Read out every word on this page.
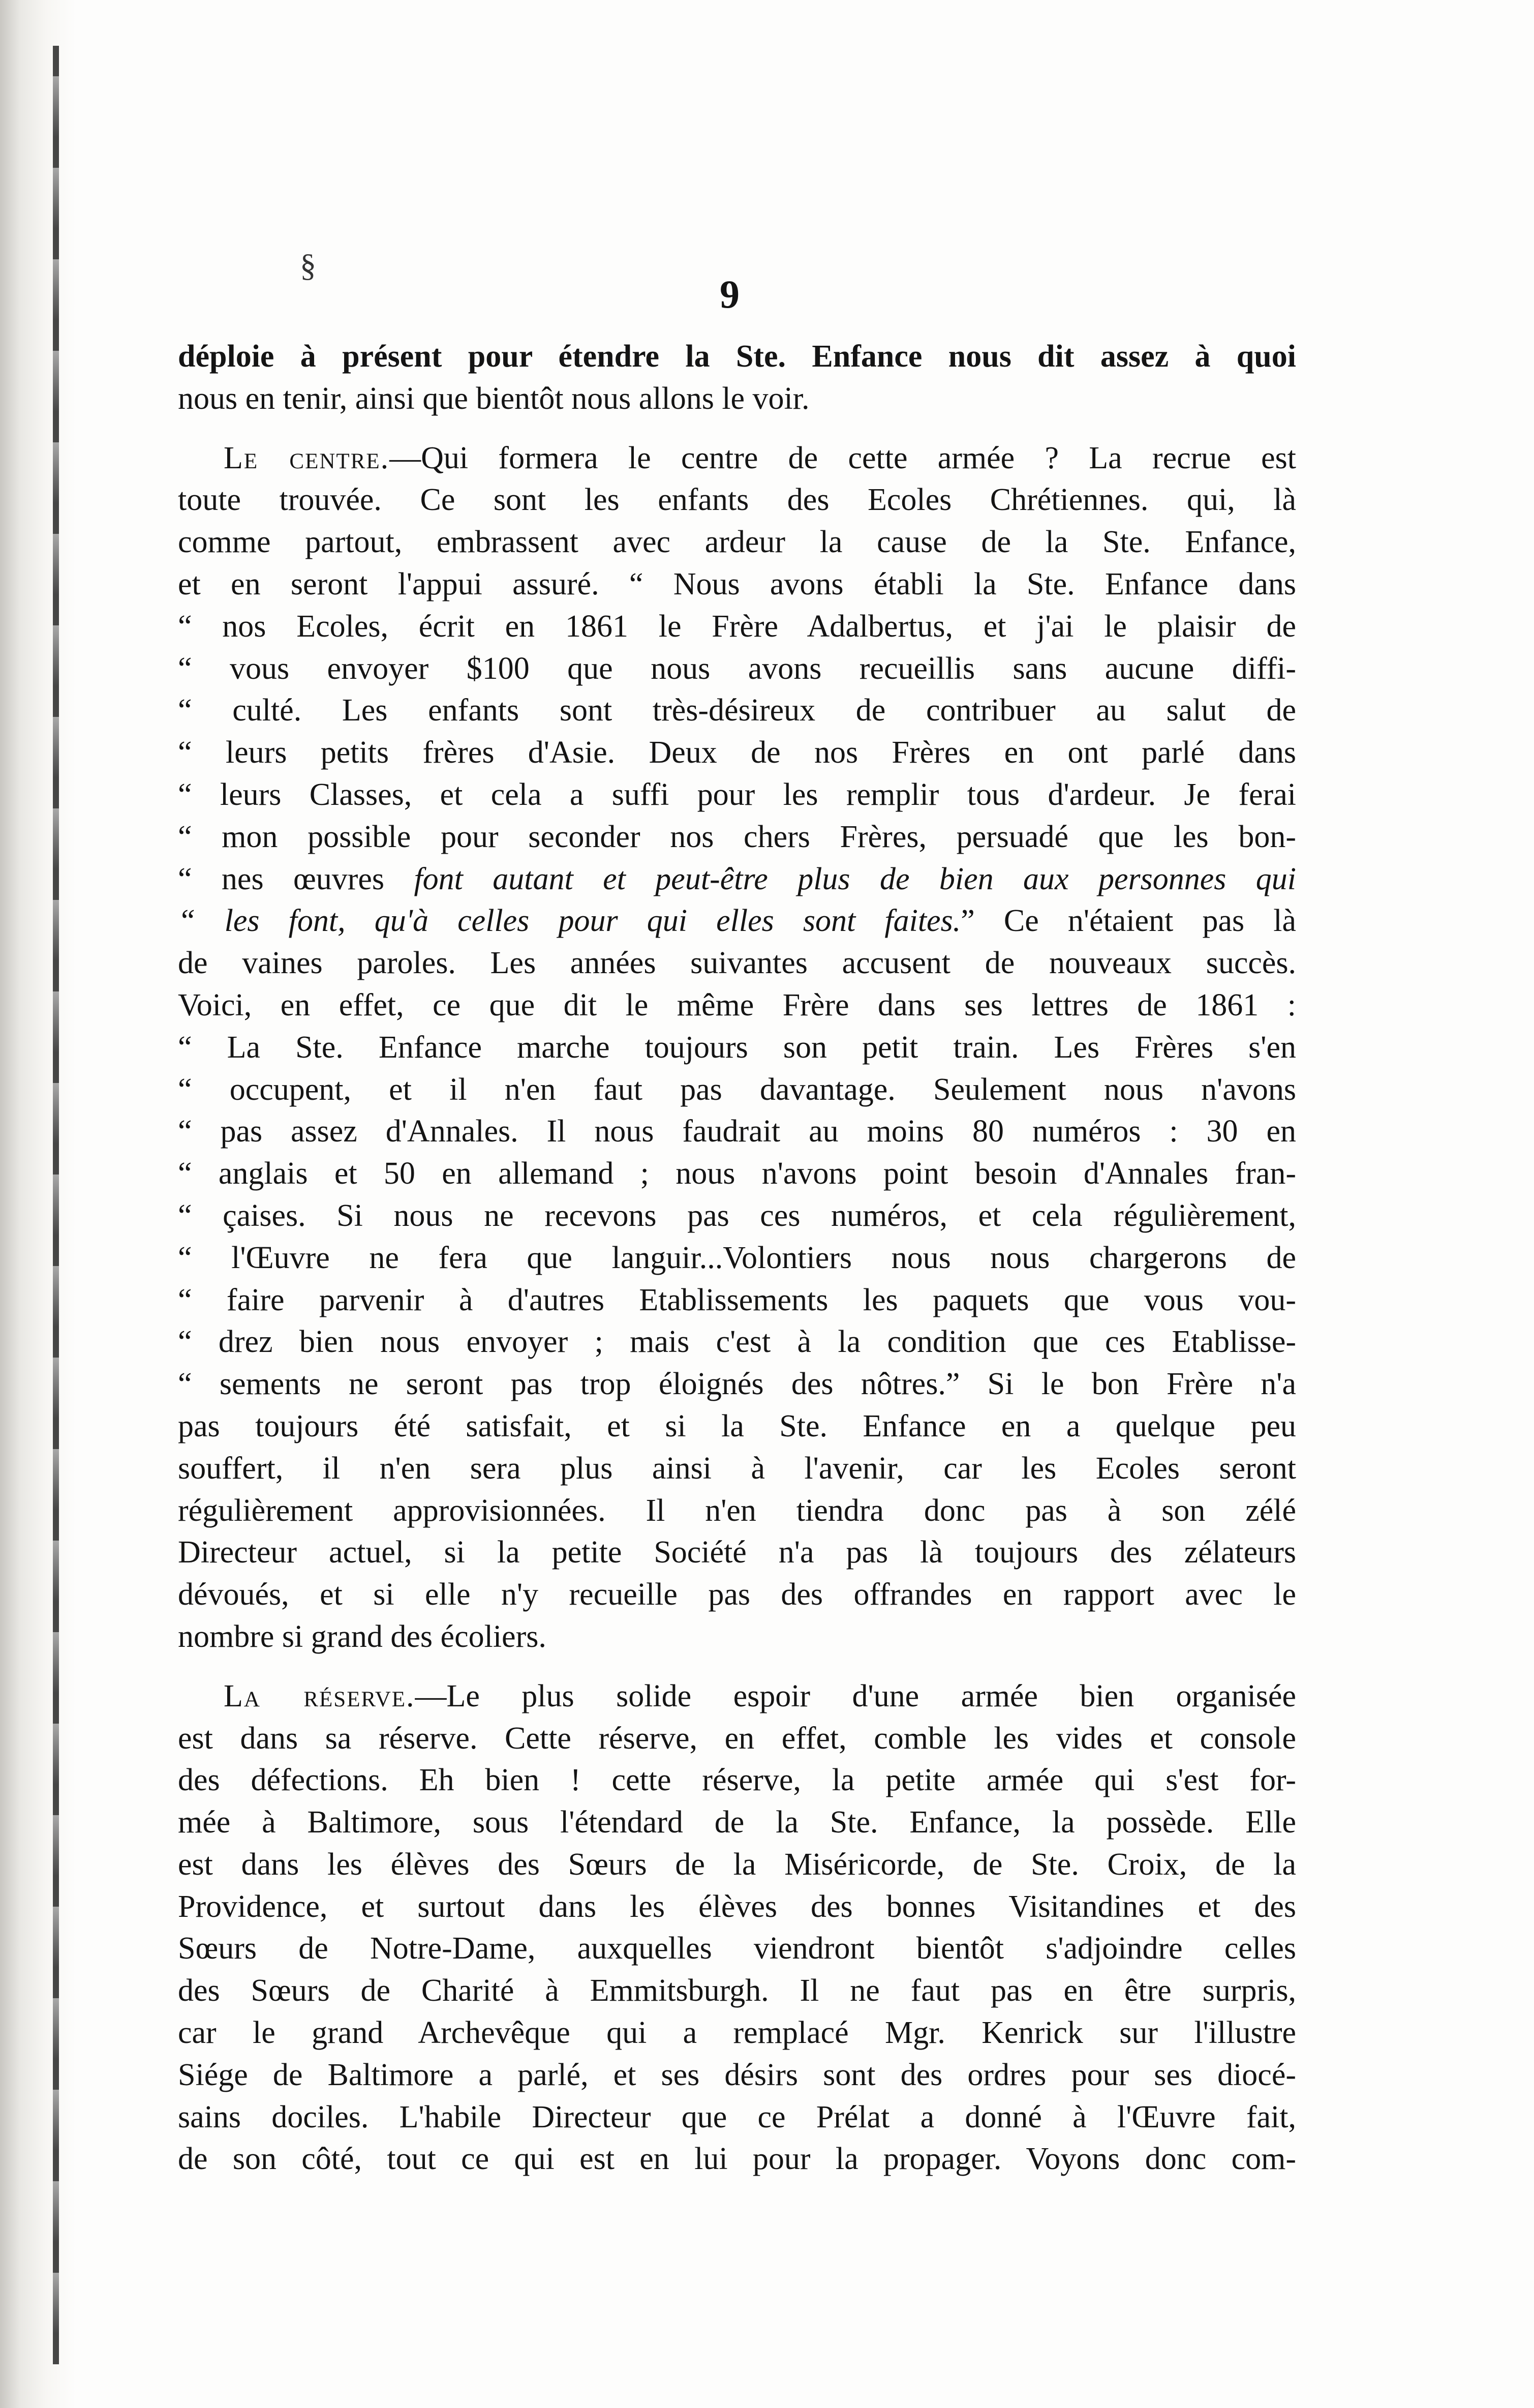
§
9
déploie à présent pour étendre la Ste. Enfance nous dit assez à quoi
nous en tenir, ainsi que bientôt nous allons le voir.
Le centre.—Qui formera le centre de cette armée ? La recrue est
toute trouvée. Ce sont les enfants des Ecoles Chrétiennes. qui, là
comme partout, embrassent avec ardeur la cause de la Ste. Enfance,
et en seront l'appui assuré. “ Nous avons établi la Ste. Enfance dans
“ nos Ecoles, écrit en 1861 le Frère Adalbertus, et j'ai le plaisir de
“ vous envoyer $100 que nous avons recueillis sans aucune diffi-
“ culté. Les enfants sont très-désireux de contribuer au salut de
“ leurs petits frères d'Asie. Deux de nos Frères en ont parlé dans
“ leurs Classes, et cela a suffi pour les remplir tous d'ardeur. Je ferai
“ mon possible pour seconder nos chers Frères, persuadé que les bon-
“ nes œuvres font autant et peut-être plus de bien aux personnes qui
“ les font, qu'à celles pour qui elles sont faites.” Ce n'étaient pas là
de vaines paroles. Les années suivantes accusent de nouveaux succès.
Voici, en effet, ce que dit le même Frère dans ses lettres de 1861 :
“ La Ste. Enfance marche toujours son petit train. Les Frères s'en
“ occupent, et il n'en faut pas davantage. Seulement nous n'avons
“ pas assez d'Annales. Il nous faudrait au moins 80 numéros : 30 en
“ anglais et 50 en allemand ; nous n'avons point besoin d'Annales fran-
“ çaises. Si nous ne recevons pas ces numéros, et cela régulièrement,
“ l'Œuvre ne fera que languir...Volontiers nous nous chargerons de
“ faire parvenir à d'autres Etablissements les paquets que vous vou-
“ drez bien nous envoyer ; mais c'est à la condition que ces Etablisse-
“ sements ne seront pas trop éloignés des nôtres.” Si le bon Frère n'a
pas toujours été satisfait, et si la Ste. Enfance en a quelque peu
souffert, il n'en sera plus ainsi à l'avenir, car les Ecoles seront
régulièrement approvisionnées. Il n'en tiendra donc pas à son zélé
Directeur actuel, si la petite Société n'a pas là toujours des zélateurs
dévoués, et si elle n'y recueille pas des offrandes en rapport avec le
nombre si grand des écoliers.
La réserve.—Le plus solide espoir d'une armée bien organisée
est dans sa réserve. Cette réserve, en effet, comble les vides et console
des défections. Eh bien ! cette réserve, la petite armée qui s'est for-
mée à Baltimore, sous l'étendard de la Ste. Enfance, la possède. Elle
est dans les élèves des Sœurs de la Miséricorde, de Ste. Croix, de la
Providence, et surtout dans les élèves des bonnes Visitandines et des
Sœurs de Notre-Dame, auxquelles viendront bientôt s'adjoindre celles
des Sœurs de Charité à Emmitsburgh. Il ne faut pas en être surpris,
car le grand Archevêque qui a remplacé Mgr. Kenrick sur l'illustre
Siége de Baltimore a parlé, et ses désirs sont des ordres pour ses diocé-
sains dociles. L'habile Directeur que ce Prélat a donné à l'Œuvre fait,
de son côté, tout ce qui est en lui pour la propager. Voyons donc com-
